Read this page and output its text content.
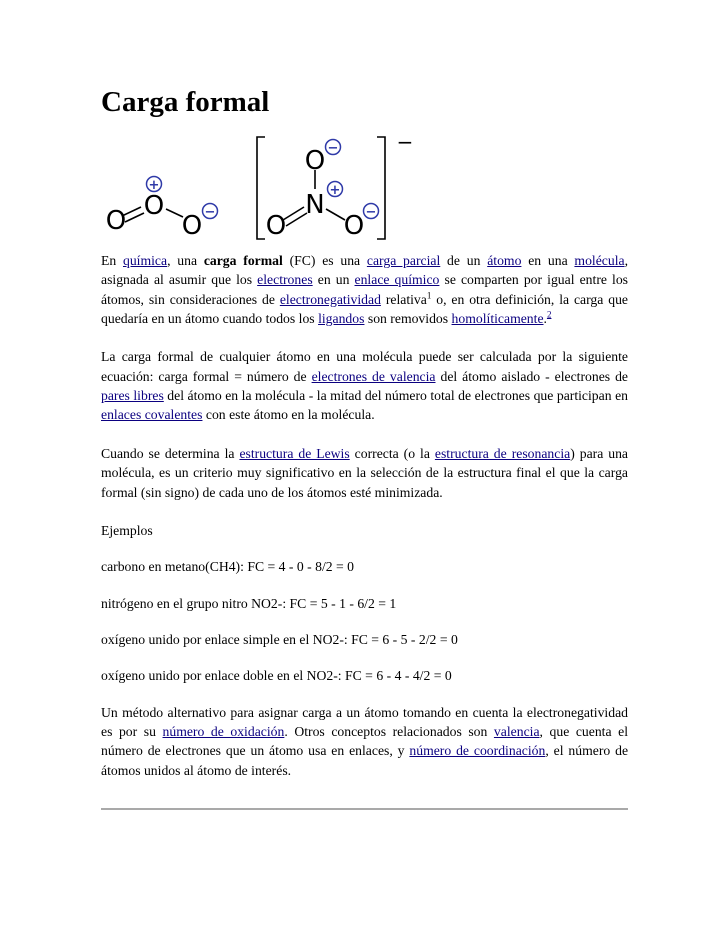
Carga formal
O O
O
+
−
−
O
N
O O
−
+
−

En química, una carga formal (FC) es una carga parcial de un átomo en una molécula, asignada al asumir que los electrones en un enlace químico se comparten por igual entre los átomos, sin consideraciones de electronegatividad relativa$^1$ o, en otra definición, la carga que quedaría en un átomo cuando todos los ligandos son removidos homolíticamente.$^2$

La carga formal de cualquier átomo en una molécula puede ser calculada por la siguiente ecuación: carga formal = número de electrones de valencia del átomo aislado - electrones de pares libres del átomo en la molécula - la mitad del número total de electrones que participan en enlaces covalentes con este átomo en la molécula.

Cuando se determina la estructura de Lewis correcta (o la estructura de resonancia) para una molécula, es un criterio muy significativo en la selección de la estructura final el que la carga formal (sin signo) de cada uno de los átomos esté minimizada.

Ejemplos

carbono en metano(CH4): FC = 4 - 0 - 8/2 = 0

nitrógeno en el grupo nitro NO2-: FC = 5 - 1 - 6/2 = 1

oxígeno unido por enlace simple en el NO2-: FC = 6 - 5 - 2/2 = 0

oxígeno unido por enlace doble en el NO2-: FC = 6 - 4 - 4/2 = 0

Un método alternativo para asignar carga a un átomo tomando en cuenta la electronegatividad es por su número de oxidación. Otros conceptos relacionados son valencia, que cuenta el número de electrones que un átomo usa en enlaces, y número de coordinación, el número de átomos unidos al átomo de interés.
